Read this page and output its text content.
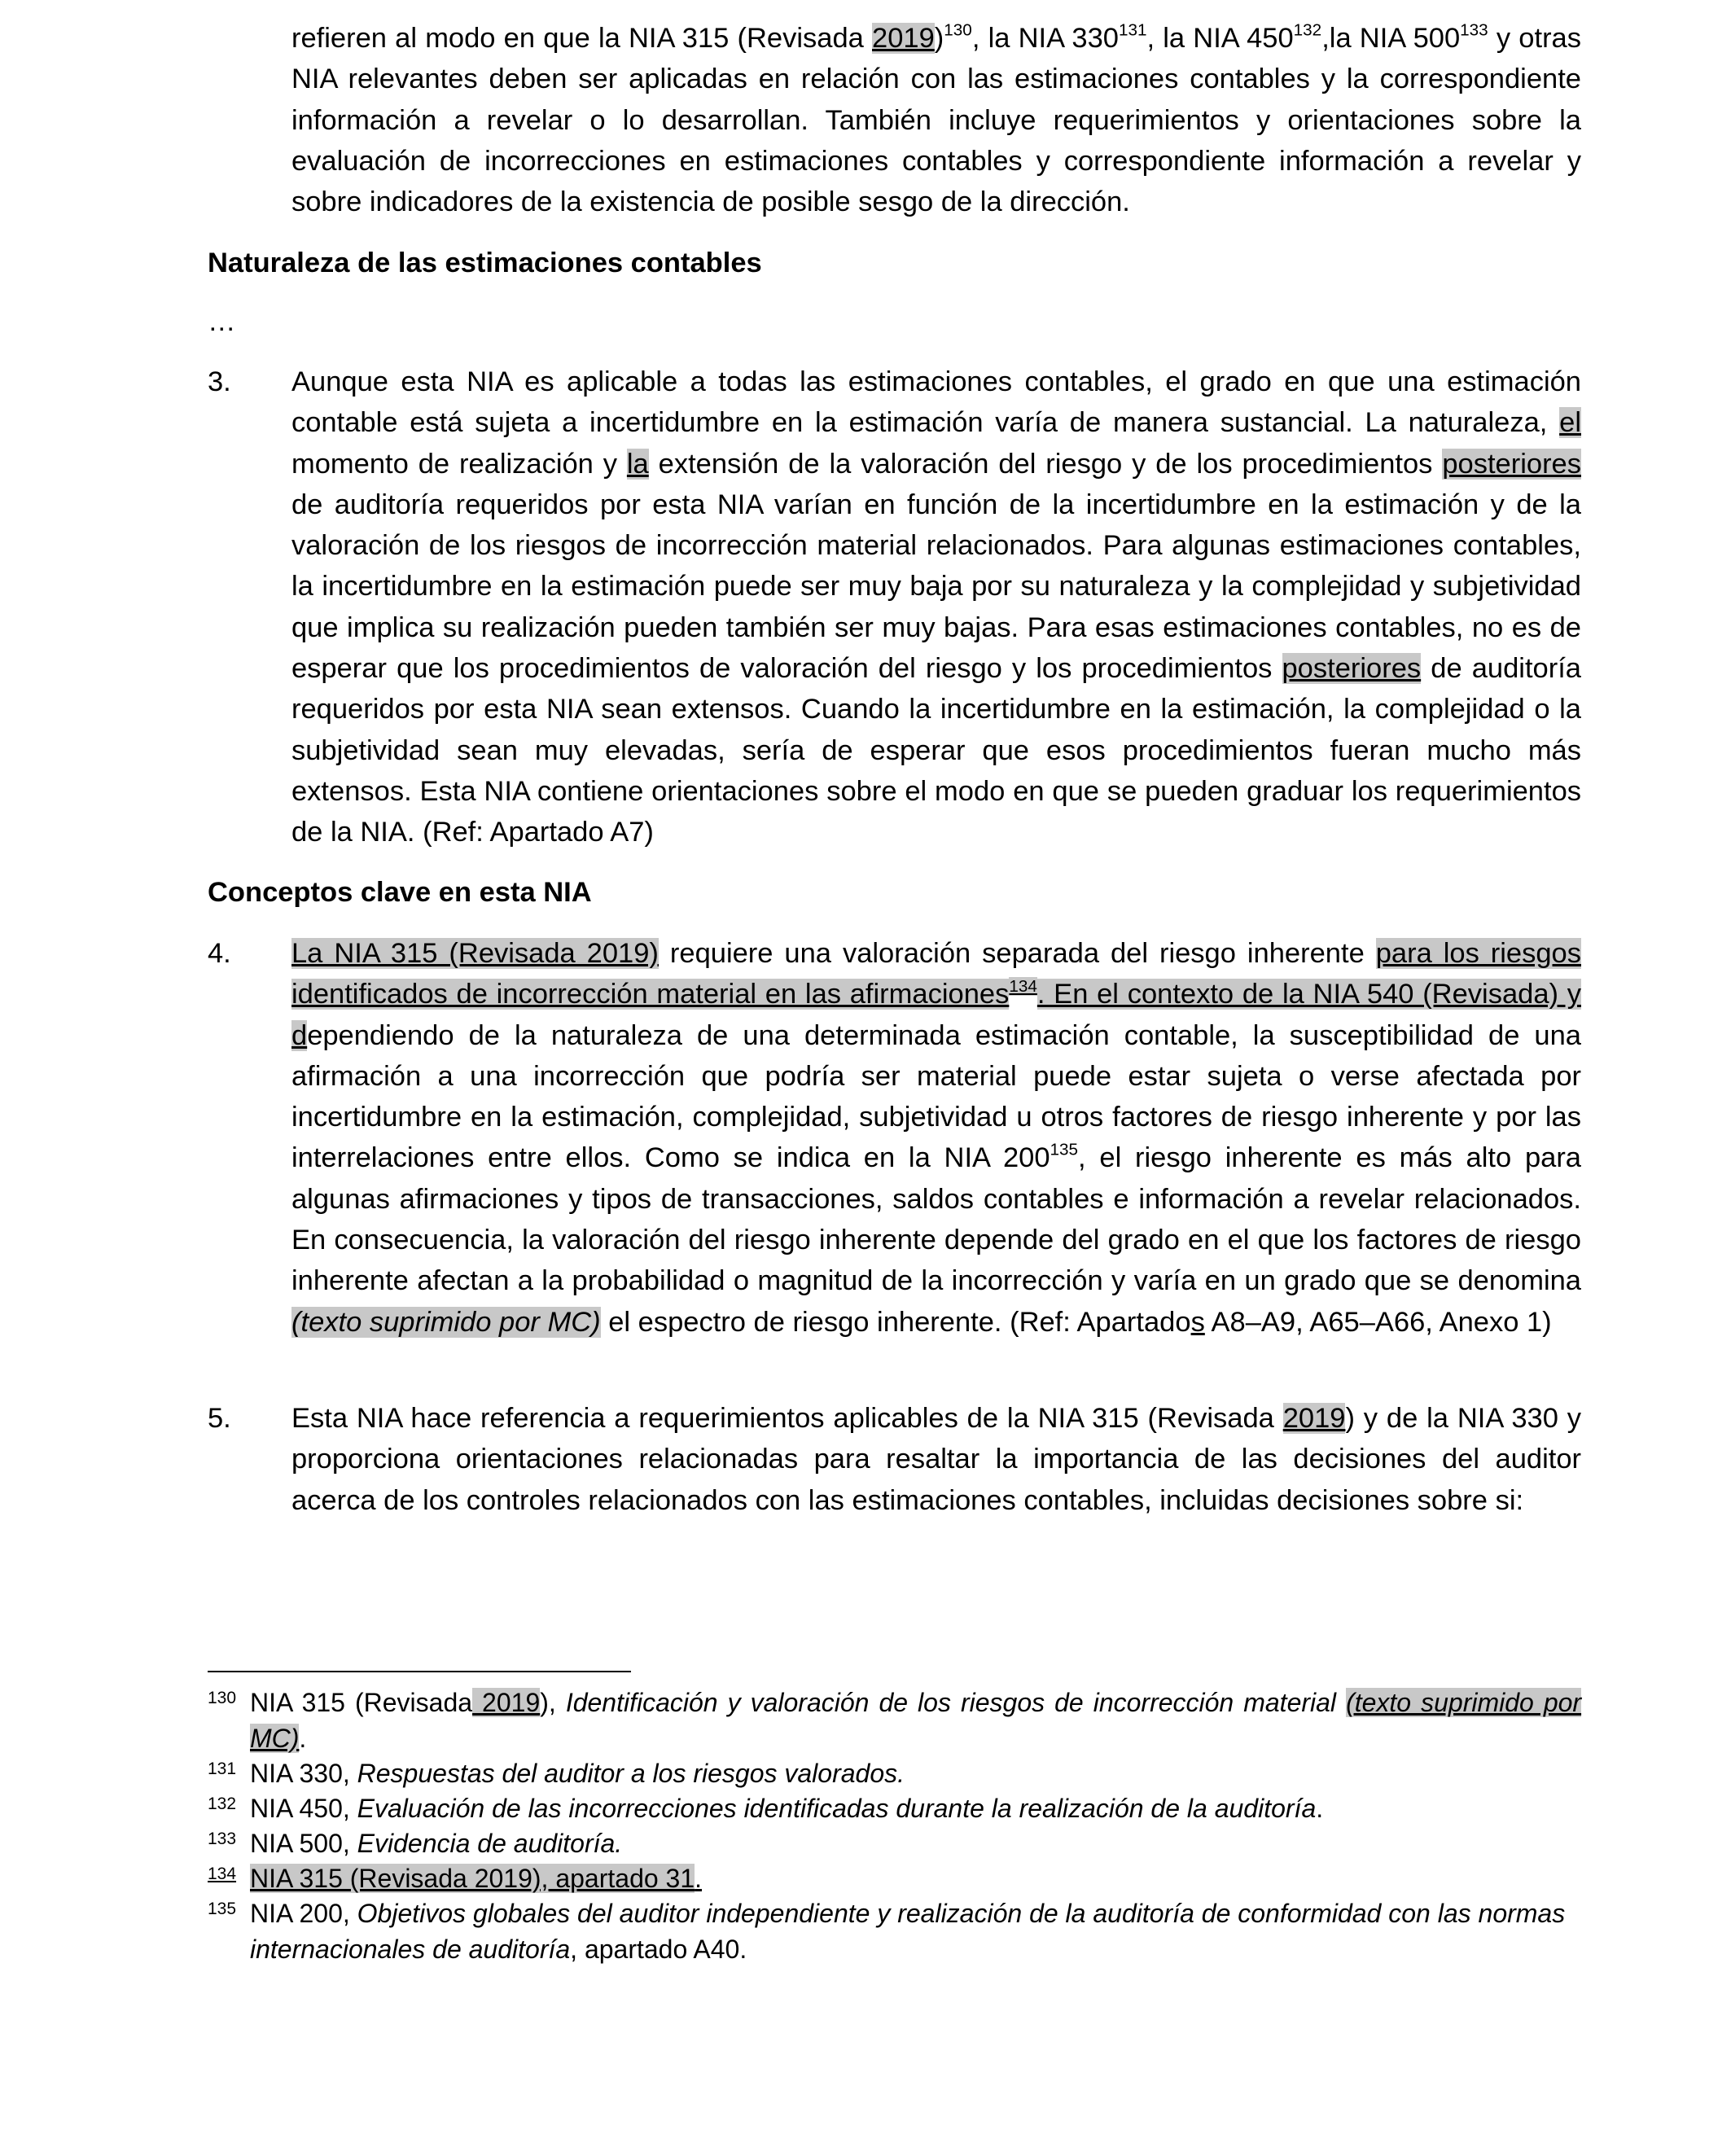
refieren al modo en que la NIA 315 (Revisada 2019)$^{130}$, la NIA $330^{131}$, la NIA $450^{132},la$ NIA $500^{133}$ y otras NIA relevantes deben ser aplicadas en relación con las estimaciones contables y la correspondiente información a revelar o lo desarrollan. También incluye requerimientos y orientaciones sobre la evaluación de incorrecciones en estimaciones contables y correspondiente información a revelar y sobre indicadores de la existencia de posible sesgo de la dirección.

Naturaleza de las estimaciones contables

…
3. Aunque esta NIA es aplicable a todas las estimaciones contables, el grado en que una estimación contable está sujeta a incertidumbre en la estimación varía de manera sustancial. La naturaleza, el momento de realización y la extensión de la valoración del riesgo y de los procedimientos posteriores de auditoría requeridos por esta NIA varían en función de la incertidumbre en la estimación y de la valoración de los riesgos de incorrección material relacionados. Para algunas estimaciones contables, la incertidumbre en la estimación puede ser muy baja por su naturaleza y la complejidad y subjetividad que implica su realización pueden también ser muy bajas. Para esas estimaciones contables, no es de esperar que los procedimientos de valoración del riesgo y los procedimientos posteriores de auditoría requeridos por esta NIA sean extensos. Cuando la incertidumbre en la estimación, la complejidad o la subjetividad sean muy elevadas, sería de esperar que esos procedimientos fueran mucho más extensos. Esta NIA contiene orientaciones sobre el modo en que se pueden graduar los requerimientos de la NIA. (Ref: Apartado A7)

Conceptos clave en esta NIA

4. La NIA 315 (Revisada 2019) requiere una valoración separada del riesgo inherente para los riesgos identificados de incorrección material en las afirmaciones$^{134}$. En el contexto de la NIA 540 (Revisada) y dependiendo de la naturaleza de una determinada estimación contable, la susceptibilidad de una afirmación a una incorrección que podría ser material puede estar sujeta o verse afectada por incertidumbre en la estimación, complejidad, subjetividad u otros factores de riesgo inherente y por las interrelaciones entre ellos. Como se indica en la NIA $200^{135}$, el riesgo inherente es más alto para algunas afirmaciones y tipos de transacciones, saldos contables e información a revelar relacionados. En consecuencia, la valoración del riesgo inherente depende del grado en el que los factores de riesgo inherente afectan a la probabilidad o magnitud de la incorrección y varía en un grado que se denomina (texto suprimido por MC) el espectro de riesgo inherente. (Ref: Apartados A8–A9, A65–A66, Anexo 1)

5. Esta NIA hace referencia a requerimientos aplicables de la NIA 315 (Revisada 2019) y de la NIA 330 y proporciona orientaciones relacionadas para resaltar la importancia de las decisiones del auditor acerca de los controles relacionados con las estimaciones contables, incluidas decisiones sobre si:

130 NIA 315 (Revisada 2019), Identificación y valoración de los riesgos de incorrección material (texto suprimido por MC).
131 NIA 330, Respuestas del auditor a los riesgos valorados.
132 NIA 450, Evaluación de las incorrecciones identificadas durante la realización de la auditoría.
133 NIA 500, Evidencia de auditoría.
134 NIA 315 (Revisada 2019), apartado 31.
135 NIA 200, Objetivos globales del auditor independiente y realización de la auditoría de conformidad con las normas internacionales de auditoría, apartado A40.
